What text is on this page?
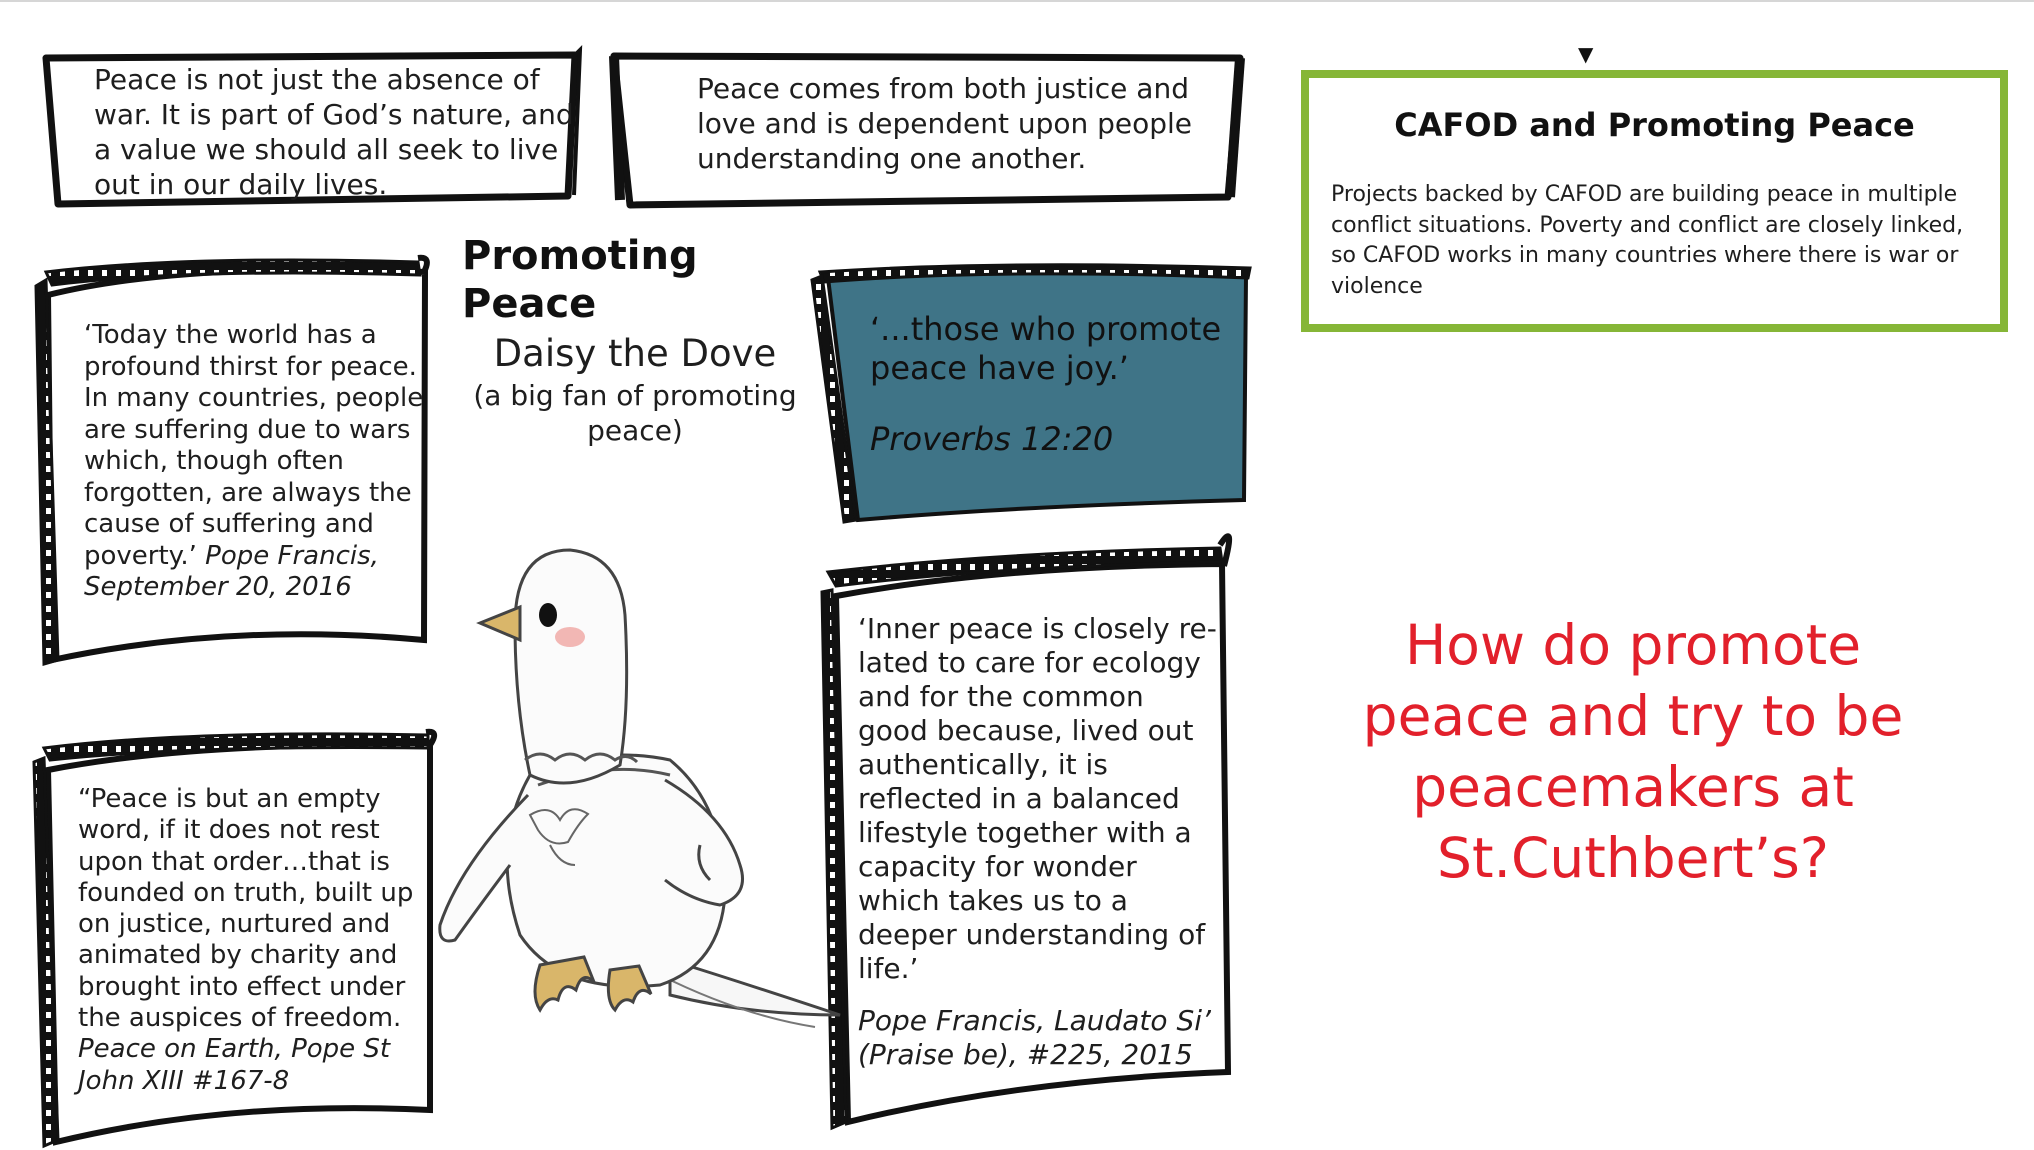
Peace is not just the absence of war. It is part of God’s nature, and a value we should all seek to live out in our daily lives.
Peace comes from both justice and love and is dependent upon people understanding one another.
Promoting Peace
Daisy the Dove
(a big fan of promoting peace)
‘Today the world has a profound thirst for peace. In many countries, people are suffering due to wars which, though often forgotten, are always the cause of suffering and poverty.’ Pope Francis, September 20, 2016
“Peace is but an empty word, if it does not rest upon that order…that is founded on truth, built up on justice, nurtured and animated by charity and brought into effect under the auspices of freedom. Peace on Earth, Pope St John XIII #167-8
‘...those who promote peace have joy.’
Proverbs 12:20
‘Inner peace is closely re-lated to care for ecology and for the common good because, lived out authentically, it is reflected in a balanced lifestyle together with a capacity for wonder which takes us to a deeper understanding of life.’
Pope Francis, Laudato Si’ (Praise be), #225, 2015
▼
CAFOD and Promoting Peace
Projects backed by CAFOD are building peace in multiple conflict situations. Poverty and conflict are closely linked, so CAFOD works in many countries where there is war or violence
How do promote peace and try to be peacemakers at St.Cuthbert’s?
